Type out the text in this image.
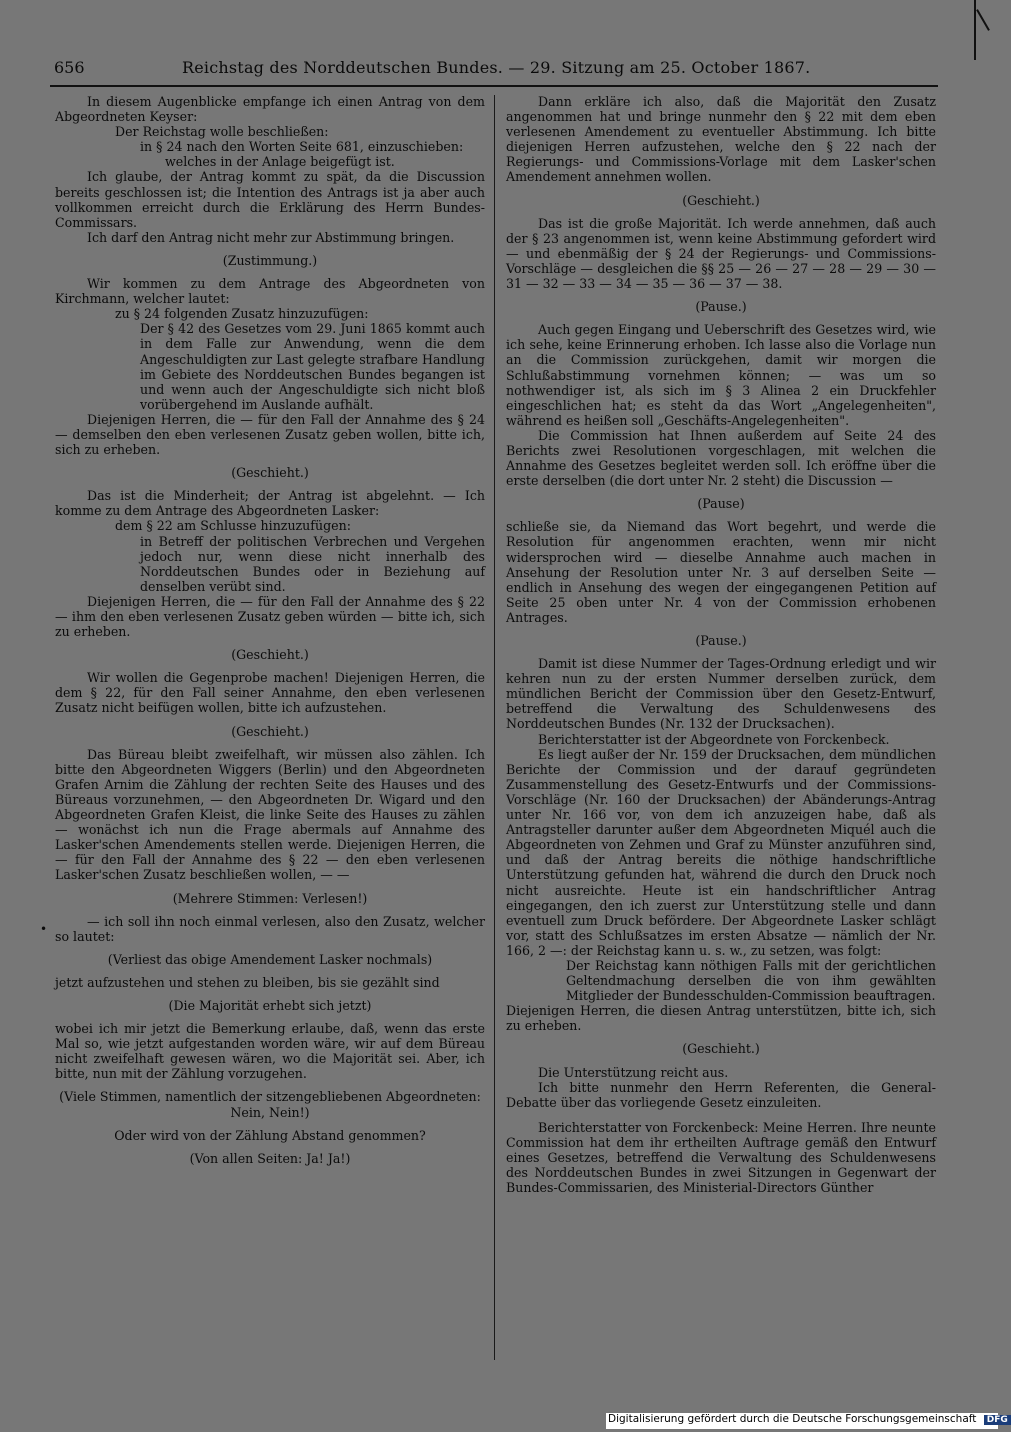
656	Reichstag des Norddeutschen Bundes. — 29. Sitzung am 25. October 1867.
In diesem Augenblicke empfange ich einen Antrag von dem Abgeordneten Keyser:
Der Reichstag wolle beschließen:
in § 24 nach den Worten Seite 681, einzuschieben:
welches in der Anlage beigefügt ist.
Ich glaube, der Antrag kommt zu spät, da die Discussion bereits geschlossen ist; die Intention des Antrags ist ja aber auch vollkommen erreicht durch die Erklärung des Herrn Bundes-Commissars.
Ich darf den Antrag nicht mehr zur Abstimmung bringen.
(Zustimmung.)
Wir kommen zu dem Antrage des Abgeordneten von Kirchmann, welcher lautet:
zu § 24 folgenden Zusatz hinzuzufügen:
Der § 42 des Gesetzes vom 29. Juni 1865 kommt auch in dem Falle zur Anwendung, wenn die dem Angeschuldigten zur Last gelegte strafbare Handlung im Gebiete des Norddeutschen Bundes begangen ist und wenn auch der Angeschuldigte sich nicht bloß vorübergehend im Auslande aufhält.
Diejenigen Herren, die — für den Fall der Annahme des § 24 — demselben den eben verlesenen Zusatz geben wollen, bitte ich, sich zu erheben.
(Geschieht.)
Das ist die Minderheit; der Antrag ist abgelehnt. — Ich komme zu dem Antrage des Abgeordneten Lasker:
dem § 22 am Schlusse hinzuzufügen:
in Betreff der politischen Verbrechen und Vergehen jedoch nur, wenn diese nicht innerhalb des Norddeutschen Bundes oder in Beziehung auf denselben verübt sind.
Diejenigen Herren, die — für den Fall der Annahme des § 22 — ihm den eben verlesenen Zusatz geben würden — bitte ich, sich zu erheben.
(Geschieht.)
Wir wollen die Gegenprobe machen! Diejenigen Herren, die dem § 22, für den Fall seiner Annahme, den eben verlesenen Zusatz nicht beifügen wollen, bitte ich aufzustehen.
(Geschieht.)
Das Büreau bleibt zweifelhaft, wir müssen also zählen. Ich bitte den Abgeordneten Wiggers (Berlin) und den Abgeordneten Grafen Arnim die Zählung der rechten Seite des Hauses und des Büreaus vorzunehmen, — den Abgeordneten Dr. Wigard und den Abgeordneten Grafen Kleist, die linke Seite des Hauses zu zählen — wonächst ich nun die Frage abermals auf Annahme des Lasker'schen Amendements stellen werde. Diejenigen Herren, die — für den Fall der Annahme des § 22 — den eben verlesenen Lasker'schen Zusatz beschließen wollen, — —
(Mehrere Stimmen: Verlesen!)
— ich soll ihn noch einmal verlesen, also den Zusatz, welcher so lautet:
(Verliest das obige Amendement Lasker nochmals)
jetzt aufzustehen und stehen zu bleiben, bis sie gezählt sind
(Die Majorität erhebt sich jetzt)
wobei ich mir jetzt die Bemerkung erlaube, daß, wenn das erste Mal so, wie jetzt aufgestanden worden wäre, wir auf dem Büreau nicht zweifelhaft gewesen wären, wo die Majorität sei. Aber, ich bitte, nun mit der Zählung vorzugehen.
(Viele Stimmen, namentlich der sitzengebliebenen Abgeordneten: Nein, Nein!)
Oder wird von der Zählung Abstand genommen?
(Von allen Seiten: Ja! Ja!)
Dann erkläre ich also, daß die Majorität den Zusatz angenommen hat und bringe nunmehr den § 22 mit dem eben verlesenen Amendement zu eventueller Abstimmung. Ich bitte diejenigen Herren aufzustehen, welche den § 22 nach der Regierungs- und Commissions-Vorlage mit dem Lasker'schen Amendement annehmen wollen.
(Geschieht.)
Das ist die große Majorität. Ich werde annehmen, daß auch der § 23 angenommen ist, wenn keine Abstimmung gefordert wird — und ebenmäßig der § 24 der Regierungs- und Commissions-Vorschläge — desgleichen die §§ 25 — 26 — 27 — 28 — 29 — 30 — 31 — 32 — 33 — 34 — 35 — 36 — 37 — 38.
(Pause.)
Auch gegen Eingang und Ueberschrift des Gesetzes wird, wie ich sehe, keine Erinnerung erhoben. Ich lasse also die Vorlage nun an die Commission zurückgehen, damit wir morgen die Schlußabstimmung vornehmen können; — was um so nothwendiger ist, als sich im § 3 Alinea 2 ein Druckfehler eingeschlichen hat; es steht da das Wort „Angelegenheiten", während es heißen soll „Geschäfts-Angelegenheiten".
Die Commission hat Ihnen außerdem auf Seite 24 des Berichts zwei Resolutionen vorgeschlagen, mit welchen die Annahme des Gesetzes begleitet werden soll. Ich eröffne über die erste derselben (die dort unter Nr. 2 steht) die Discussion —
(Pause)
schließe sie, da Niemand das Wort begehrt, und werde die Resolution für angenommen erachten, wenn mir nicht widersprochen wird — dieselbe Annahme auch machen in Ansehung der Resolution unter Nr. 3 auf derselben Seite — endlich in Ansehung des wegen der eingegangenen Petition auf Seite 25 oben unter Nr. 4 von der Commission erhobenen Antrages.
(Pause.)
Damit ist diese Nummer der Tages-Ordnung erledigt und wir kehren nun zu der ersten Nummer derselben zurück, dem mündlichen Bericht der Commission über den Gesetz-Entwurf, betreffend die Verwaltung des Schuldenwesens des Norddeutschen Bundes (Nr. 132 der Drucksachen).
Berichterstatter ist der Abgeordnete von Forckenbeck.
Es liegt außer der Nr. 159 der Drucksachen, dem mündlichen Berichte der Commission und der darauf gegründeten Zusammenstellung des Gesetz-Entwurfs und der Commissions-Vorschläge (Nr. 160 der Drucksachen) der Abänderungs-Antrag unter Nr. 166 vor, von dem ich anzuzeigen habe, daß als Antragsteller darunter außer dem Abgeordneten Miquél auch die Abgeordneten von Zehmen und Graf zu Münster anzuführen sind, und daß der Antrag bereits die nöthige handschriftliche Unterstützung gefunden hat, während die durch den Druck noch nicht ausreichte. Heute ist ein handschriftlicher Antrag eingegangen, den ich zuerst zur Unterstützung stelle und dann eventuell zum Druck befördere. Der Abgeordnete Lasker schlägt vor, statt des Schlußsatzes im ersten Absatze — nämlich der Nr. 166, 2 —: der Reichstag kann u. s. w., zu setzen, was folgt:
Der Reichstag kann nöthigen Falls mit der gerichtlichen Geltendmachung derselben die von ihm gewählten Mitglieder der Bundesschulden-Commission beauftragen.
Diejenigen Herren, die diesen Antrag unterstützen, bitte ich, sich zu erheben.
(Geschieht.)
Die Unterstützung reicht aus.
Ich bitte nunmehr den Herrn Referenten, die General-Debatte über das vorliegende Gesetz einzuleiten.
Berichterstatter von Forckenbeck: Meine Herren. Ihre neunte Commission hat dem ihr ertheilten Auftrage gemäß den Entwurf eines Gesetzes, betreffend die Verwaltung des Schuldenwesens des Norddeutschen Bundes in zwei Sitzungen in Gegenwart der Bundes-Commissarien, des Ministerial-Directors Günther
•
Digitalisierung gefördert durch die Deutsche Forschungsgemeinschaft DFG
